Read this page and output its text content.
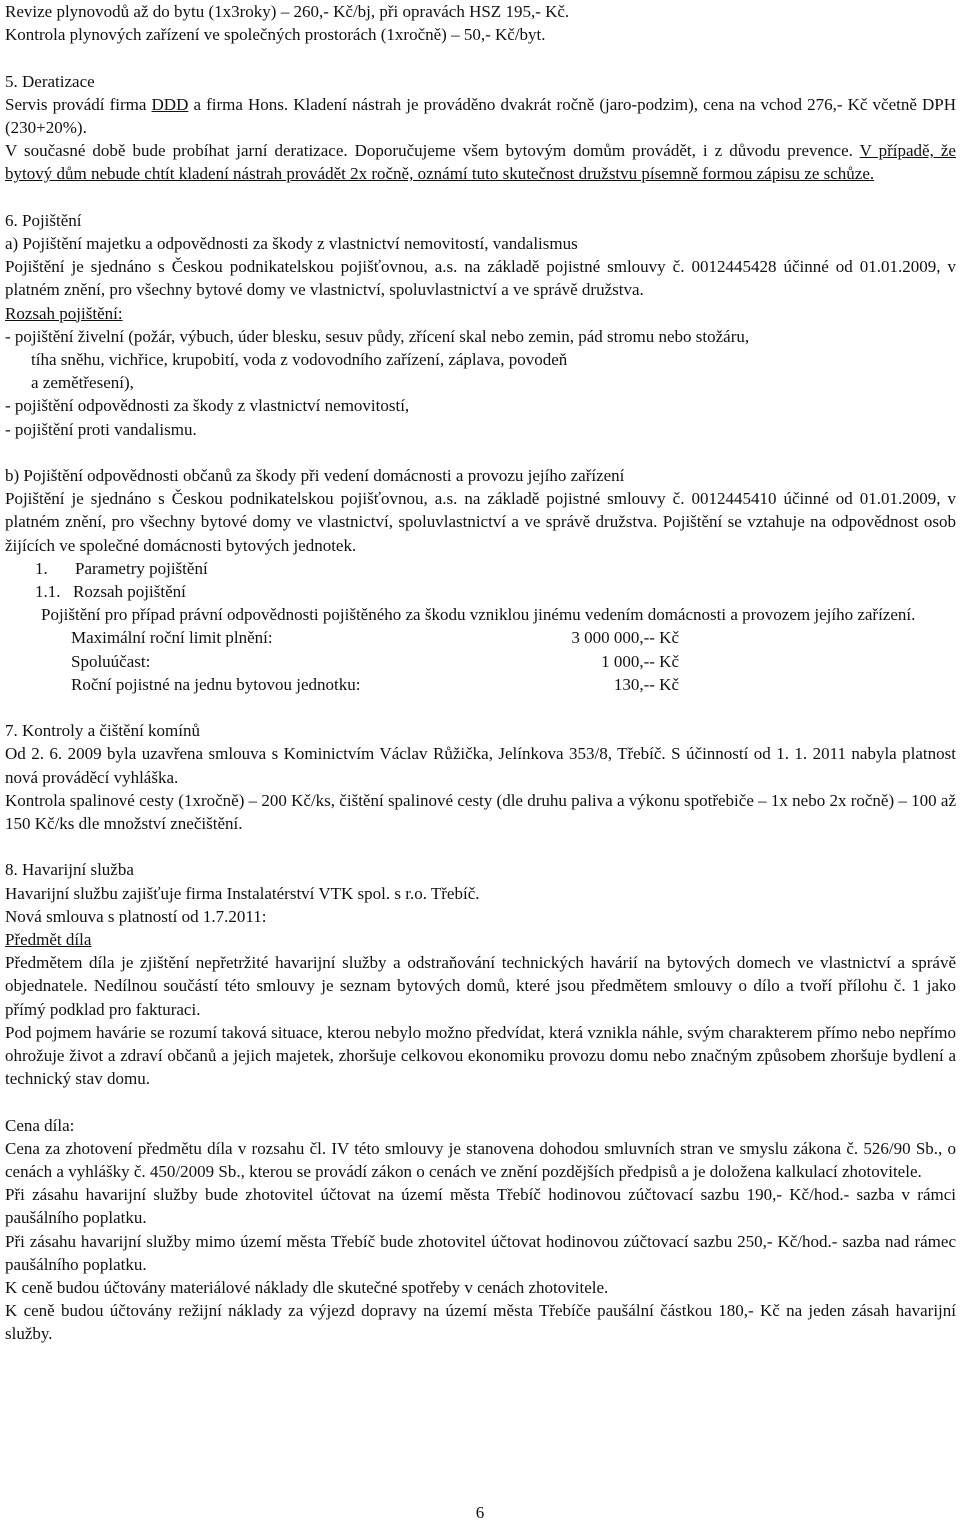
Revize plynovodů až do bytu (1x3roky) – 260,- Kč/bj, při opravách HSZ 195,- Kč.

Kontrola plynových zařízení ve společných prostorách (1xročně) – 50,- Kč/byt.

5. Deratizace

Servis provádí firma DDD a firma Hons. Kladení nástrah je prováděno dvakrát ročně (jaro-podzim), cena na vchod 276,- Kč včetně DPH (230+20%).

V současné době bude probíhat jarní deratizace. Doporučujeme všem bytovým domům provádět, i z důvodu prevence. V případě, že bytový dům nebude chtít kladení nástrah provádět 2x ročně, oznámí tuto skutečnost družstvu písemně formou zápisu ze schůze.

6. Pojištění

a) Pojištění majetku a odpovědnosti za škody z vlastnictví nemovitostí, vandalismus

Pojištění je sjednáno s Českou podnikatelskou pojišťovnou, a.s. na základě pojistné smlouvy č. 0012445428 účinné od 01.01.2009, v platném znění, pro všechny bytové domy ve vlastnictví, spoluvlastnictví a ve správě družstva.

Rozsah pojištění:

- pojištění živelní (požár, výbuch, úder blesku, sesuv půdy, zřícení skal nebo zemin, pád stromu nebo stožáru,

tíha sněhu, vichřice, krupobití, voda z vodovodního zařízení, záplava, povodeň

a zemětřesení),

- pojištění odpovědnosti za škody z vlastnictví nemovitostí,

- pojištění proti vandalismu.

b) Pojištění odpovědnosti občanů za škody při vedení domácnosti a provozu jejího zařízení

Pojištění je sjednáno s Českou podnikatelskou pojišťovnou, a.s. na základě pojistné smlouvy č. 0012445410 účinné od 01.01.2009, v platném znění, pro všechny bytové domy ve vlastnictví, spoluvlastnictví a ve správě družstva. Pojištění se vztahuje na odpovědnost osob žijících ve společné domácnosti bytových jednotek.

1. Parametry pojištění

1.1. Rozsah pojištění

Pojištění pro případ právní odpovědnosti pojištěného za škodu vzniklou jinému vedením domácnosti a provozem jejího zařízení.

Maximální roční limit plnění:	3 000 000,-- Kč
Spoluúčast:	1 000,-- Kč
Roční pojistné na jednu bytovou jednotku:	130,-- Kč

7. Kontroly a čištění komínů

Od 2. 6. 2009 byla uzavřena smlouva s Kominictvím Václav Růžička, Jelínkova 353/8, Třebíč. S účinností od 1. 1. 2011 nabyla platnost nová prováděcí vyhláška.

Kontrola spalinové cesty (1xročně) – 200 Kč/ks, čištění spalinové cesty (dle druhu paliva a výkonu spotřebiče – 1x nebo 2x ročně) – 100 až 150 Kč/ks dle množství znečištění.

8. Havarijní služba

Havarijní službu zajišťuje firma Instalatérství VTK spol. s r.o. Třebíč.

Nová smlouva s platností od 1.7.2011:

Předmět díla

Předmětem díla je zjištění nepřetržité havarijní služby a odstraňování technických havárií na bytových domech ve vlastnictví a správě objednatele. Nedílnou součástí této smlouvy je seznam bytových domů, které jsou předmětem smlouvy o dílo a tvoří přílohu č. 1 jako přímý podklad pro fakturaci.

Pod pojmem havárie se rozumí taková situace, kterou nebylo možno předvídat, která vznikla náhle, svým charakterem přímo nebo nepřímo ohrožuje život a zdraví občanů a jejich majetek, zhoršuje celkovou ekonomiku provozu domu nebo značným způsobem zhoršuje bydlení a technický stav domu.

Cena díla:

Cena za zhotovení předmětu díla v rozsahu čl. IV této smlouvy je stanovena dohodou smluvních stran ve smyslu zákona č. 526/90 Sb., o cenách a vyhlášky č. 450/2009 Sb., kterou se provádí zákon o cenách ve znění pozdějších předpisů a je doložena kalkulací zhotovitele.

Při zásahu havarijní služby bude zhotovitel účtovat na území města Třebíč hodinovou zúčtovací sazbu 190,- Kč/hod.- sazba v rámci paušálního poplatku.

Při zásahu havarijní služby mimo území města Třebíč bude zhotovitel účtovat hodinovou zúčtovací sazbu 250,- Kč/hod.- sazba nad rámec paušálního poplatku.

K ceně budou účtovány materiálové náklady dle skutečné spotřeby v cenách zhotovitele.

K ceně budou účtovány režijní náklady za výjezd dopravy na území města Třebíče paušální částkou 180,- Kč na jeden zásah havarijní služby.

6
